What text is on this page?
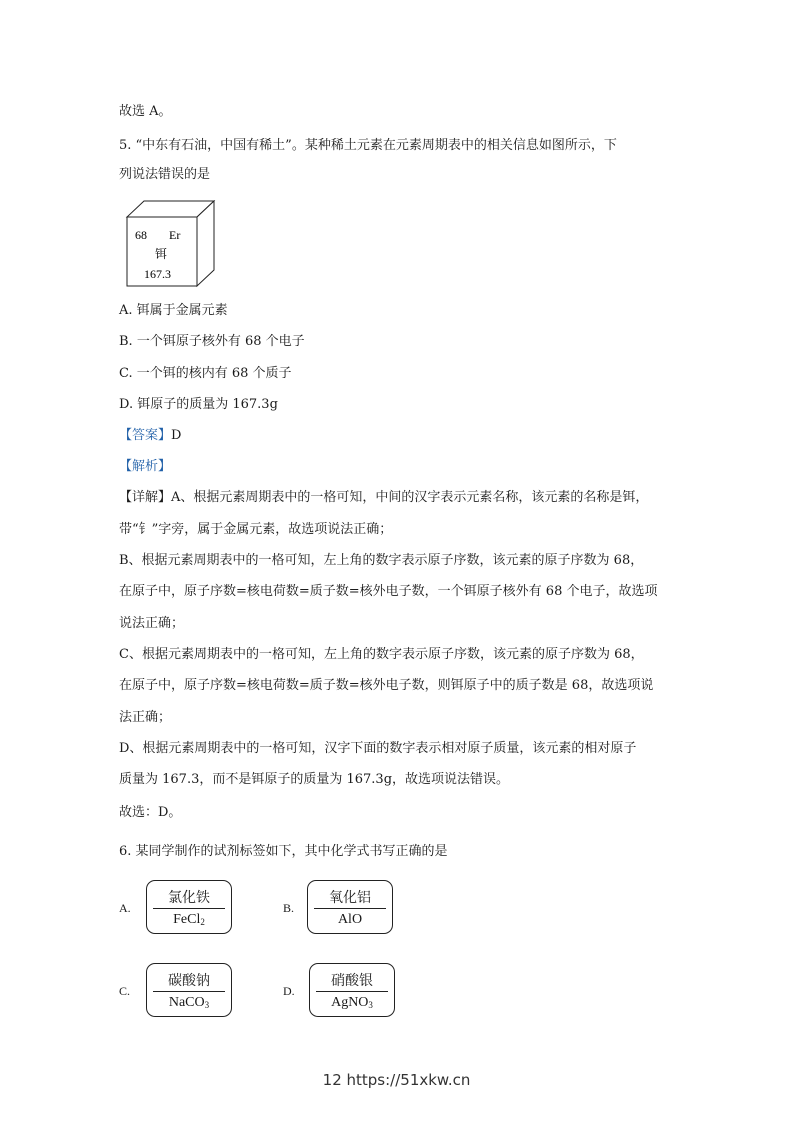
故选 A。
5. “中东有石油，中国有稀土”。某种稀土元素在元素周期表中的相关信息如图所示，下
列说法错误的是
68 Er
铒
167.3
A. 铒属于金属元素
B. 一个铒原子核外有 68 个电子
C. 一个铒的核内有 68 个质子
D. 铒原子的质量为 167.3g
【答案】D
【解析】
【详解】A、根据元素周期表中的一格可知，中间的汉字表示元素名称，该元素的名称是铒，
带“钅”字旁，属于金属元素，故选项说法正确；
B、根据元素周期表中的一格可知，左上角的数字表示原子序数，该元素的原子序数为 68，
在原子中，原子序数=核电荷数=质子数=核外电子数，一个铒原子核外有 68 个电子，故选项
说法正确；
C、根据元素周期表中的一格可知，左上角的数字表示原子序数，该元素的原子序数为 68，
在原子中，原子序数=核电荷数=质子数=核外电子数，则铒原子中的质子数是 68，故选项说
法正确；
D、根据元素周期表中的一格可知，汉字下面的数字表示相对原子质量，该元素的相对原子
质量为 167.3，而不是铒原子的质量为 167.3g，故选项说法错误。
故选：D。
6. 某同学制作的试剂标签如下，其中化学式书写正确的是
A.
氯化铁
FeCl$_2$
B.
氧化铝
AlO
C.
碳酸钠
NaCO$_3$
D.
硝酸银
AgNO$_3$
12 https://51xkw.cn
